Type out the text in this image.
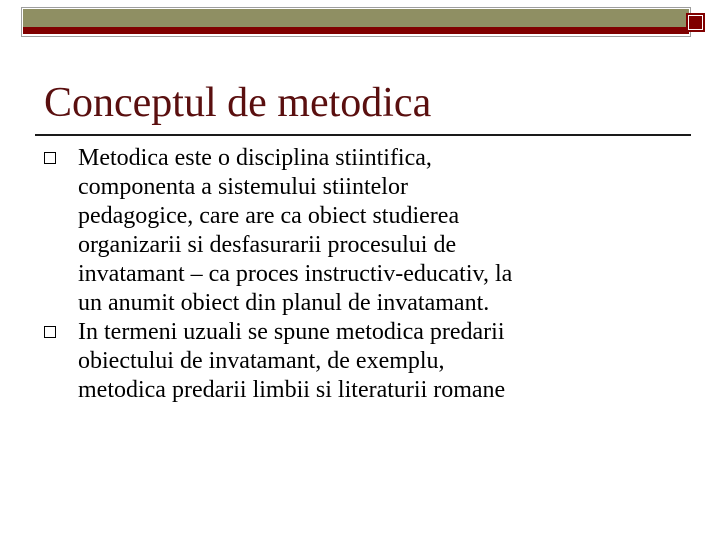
Conceptul de metodica
Metodica este o disciplina stiintifica,
componenta a sistemului stiintelor
pedagogice, care are ca obiect studierea
organizarii si desfasurarii procesului de
invatamant – ca proces instructiv-educativ, la
un anumit obiect din planul de invatamant.
In termeni uzuali se spune metodica predarii
obiectului de invatamant, de exemplu,
metodica predarii limbii si literaturii romane
